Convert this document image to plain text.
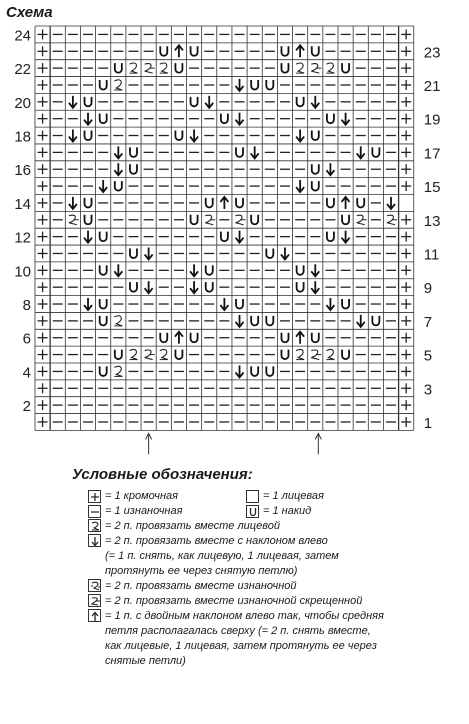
Схема
24
22
20
18
16
14
12
10
8
6
4
2
23
21
19
17
15
13
11
9
7
5
3
1
Условные обозначения:
= 1 кромочная	= 1 лицевая
= 1 изнаночная	= 1 накид
= 2 п. провязать вместе лицевой
= 2 п. провязать вместе с наклоном влево
(= 1 п. снять, как лицевую, 1 лицевая, затем
протянуть ее через снятую петлю)
= 2 п. провязать вместе изнаночной
= 2 п. провязать вместе изнаночной скрещенной
= 1 п. с двойным наклоном влево так, чтобы средняя
петля располагалась сверху (= 2 п. снять вместе,
как лицевые, 1 лицевая, затем протянуть ее через
снятые петли)
